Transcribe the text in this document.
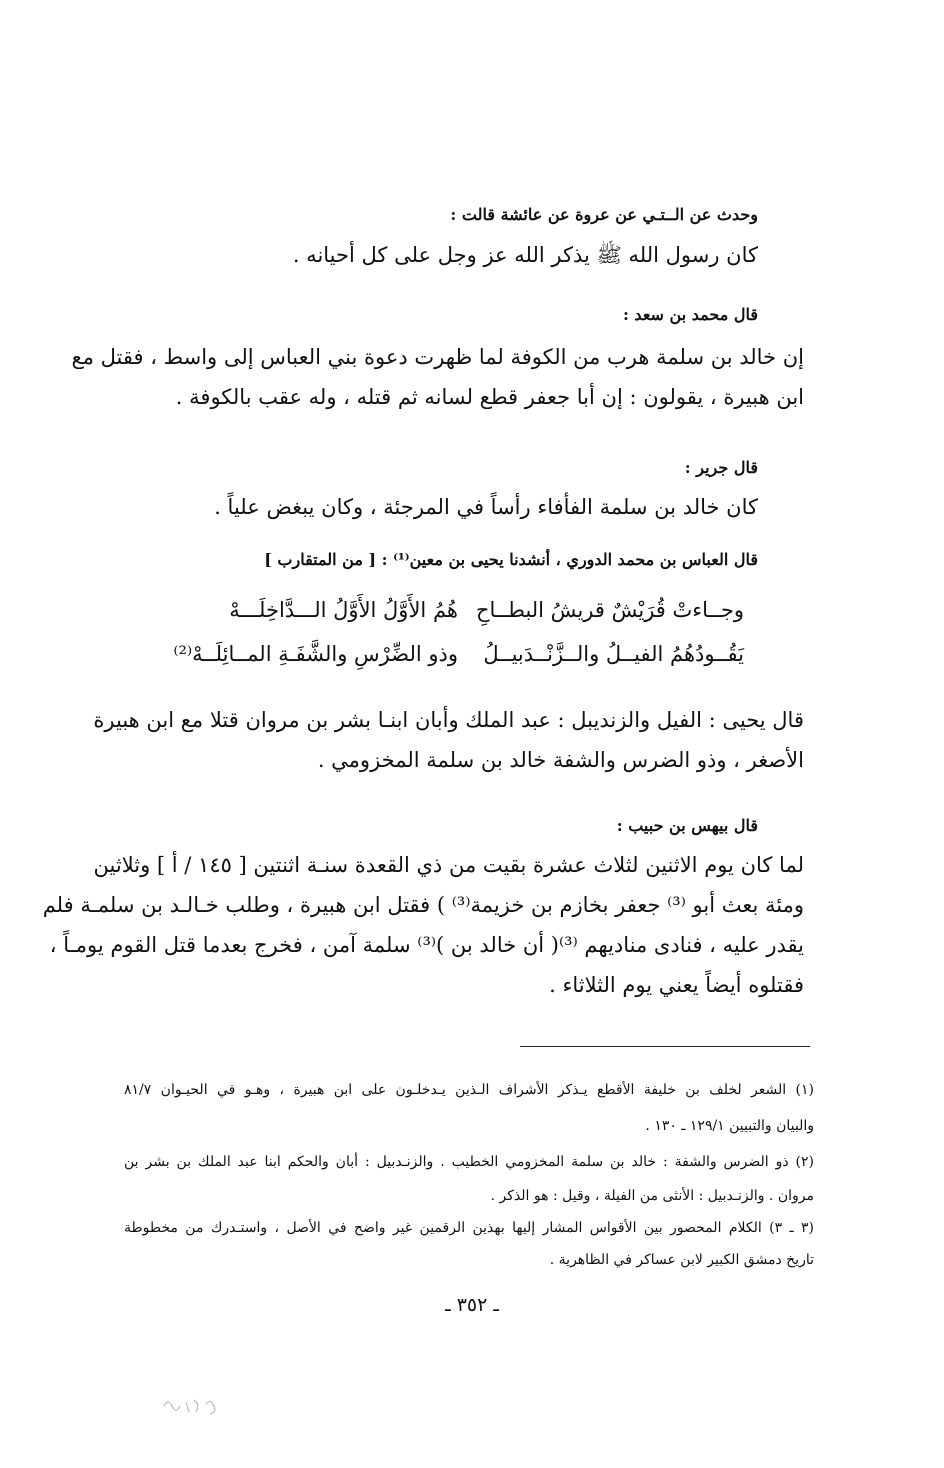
وحدث عن الــتـي عن عروة عن عائشة قالت :
كان رسول الله ﷺ يذكر الله عز وجل على كل أحيانه .
قال محمد بن سعد :
إن خالد بن سلمة هرب من الكوفة لما ظهرت دعوة بني العباس إلى واسط ، فقتل مع
ابن هبيرة ، يقولون : إن أبا جعفر قطع لسانه ثم قتله ، وله عقب بالكوفة .
قال جرير :
كان خالد بن سلمة الفأفاء رأساً في المرجئة ، وكان يبغض علياً .
قال العباس بن محمد الدوري ، أنشدنا يحيى بن معين⁽¹⁾ : [ من المتقارب ]
وجــاءتْ قُرَيْشٌ قريشُ البطــاحِ
هُمُ الأَوَّلُ الأَوَّلُ الـــدَّاخِلَـــهْ
يَقُــودُهُمُ الفيــلُ والــزَّنْــدَبيــلُ
وذو الضِّرْسِ والشَّفَـةِ المــائِلَــهْ⁽²⁾
قال يحيى : الفيل والزنديبل : عبد الملك وأبان ابنـا بشر بن مروان قتلا مع ابن هبيرة
الأصغر ، وذو الضرس والشفة خالد بن سلمة المخزومي .
قال بيهس بن حبيب :
لما كان يوم الاثنين لثلاث عشرة بقيت من ذي القعدة سنـة اثنتين [ ١٤٥ / أ ] وثلاثين
ومئة بعث أبو ⁽³⁾ جعفر بخازم بن خزيمة⁽³⁾ ) فقتل ابن هبيرة ، وطلب خـالـد بن سلمـة فلم
يقدر عليه ، فنادى مناديهم ⁽³⁾( أن خالد بن )⁽³⁾ سلمة آمن ، فخرج بعدما قتل القوم يومـاً ،
فقتلوه أيضاً يعني يوم الثلاثاء .
(١) الشعر لخلف بن خليفة الأقطع يـذكر الأشراف الـذين يـدخلـون على ابن هبيرة ، وهـو في الحيـوان ٨١/٧
والبيان والتبيين ١٢٩/١ ـ ١٣٠ .
(٢) ذو الضرس والشفة : خالد بن سلمة المخزومي الخطيب . والزنـدبيل : أبان والحكم ابنا عبد الملك بن بشر بن
مروان . والزنـدبيل : الأنثى من الفيلة ، وقيل : هو الذكر .
(٣ ـ ٣) الكلام المحصور بين الأقواس المشار إليها بهذين الرقمين غير واضح في الأصل ، واستـدرك من مخطوطة
تاريخ دمشق الكبير لابن عساكر في الظاهرية .
ـ ٣٥٢ ـ
